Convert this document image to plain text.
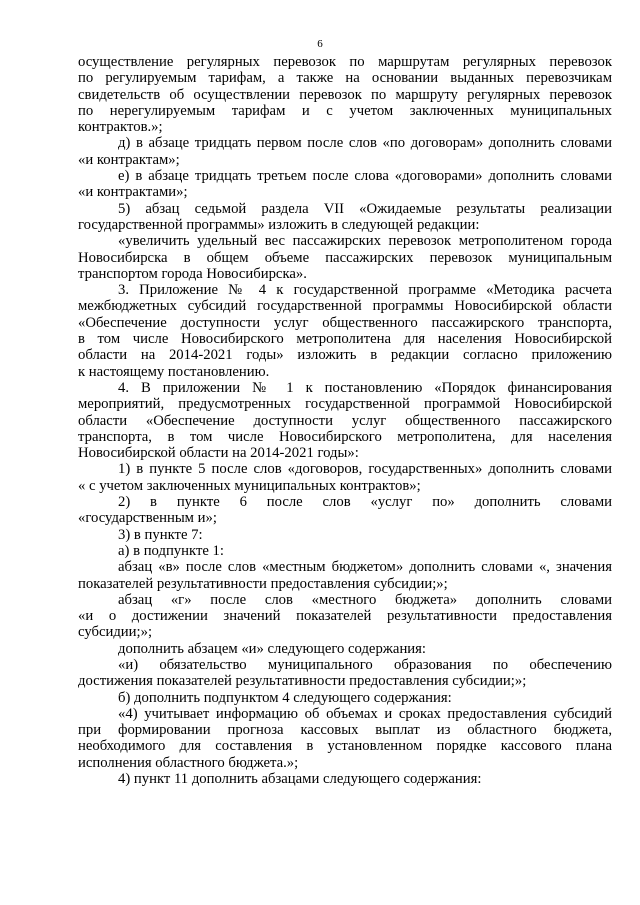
6
осуществление регулярных перевозок по маршрутам регулярных перевозок
по регулируемым тарифам, а также на основании выданных перевозчикам
свидетельств об осуществлении перевозок по маршруту регулярных перевозок
по нерегулируемым тарифам и с учетом заключенных муниципальных
контрактов.»;
д) в абзаце тридцать первом после слов «по договорам» дополнить словами
«и контрактам»;
е) в абзаце тридцать третьем после слова «договорами» дополнить словами
«и контрактами»;
5) абзац седьмой раздела VII «Ожидаемые результаты реализации
государственной программы» изложить в следующей редакции:
«увеличить удельный вес пассажирских перевозок метрополитеном города
Новосибирска в общем объеме пассажирских перевозок муниципальным
транспортом города Новосибирска».
3. Приложение № 4 к государственной программе «Методика расчета
межбюджетных субсидий государственной программы Новосибирской области
«Обеспечение доступности услуг общественного пассажирского транспорта,
в том числе Новосибирского метрополитена для населения Новосибирской
области на 2014-2021 годы» изложить в редакции согласно приложению
к настоящему постановлению.
4. В приложении № 1 к постановлению «Порядок финансирования
мероприятий, предусмотренных государственной программой Новосибирской
области «Обеспечение доступности услуг общественного пассажирского
транспорта, в том числе Новосибирского метрополитена, для населения
Новосибирской области на 2014-2021 годы»:
1) в пункте 5 после слов «договоров, государственных» дополнить словами
« с учетом заключенных муниципальных контрактов»;
2) в пункте 6 после слов «услуг по» дополнить словами
«государственным и»;
3) в пункте 7:
а) в подпункте 1:
абзац «в» после слов «местным бюджетом» дополнить словами «, значения
показателей результативности предоставления субсидии;»;
абзац «г» после слов «местного бюджета» дополнить словами
«и о достижении значений показателей результативности предоставления
субсидии;»;
дополнить абзацем «и» следующего содержания:
«и) обязательство муниципального образования по обеспечению
достижения показателей результативности предоставления субсидии;»;
б) дополнить подпунктом 4 следующего содержания:
«4) учитывает информацию об объемах и сроках предоставления субсидий
при формировании прогноза кассовых выплат из областного бюджета,
необходимого для составления в установленном порядке кассового плана
исполнения областного бюджета.»;
4) пункт 11 дополнить абзацами следующего содержания:
